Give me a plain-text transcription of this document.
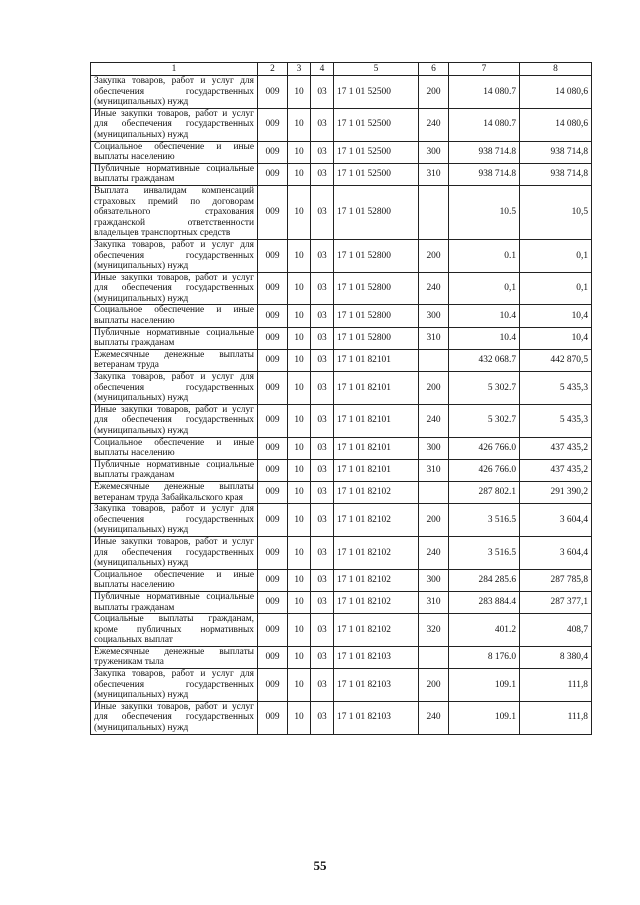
1	2	3	4	5	6	7	8
Закупка товаров, работ и услуг для обеспечения государственных (муниципальных) нужд	009	10	03	17 1 01 52500	200	14 080.7	14 080,6
Иные закупки товаров, работ и услуг для обеспечения государственных (муниципальных) нужд	009	10	03	17 1 01 52500	240	14 080.7	14 080,6
Социальное обеспечение и иные выплаты населению	009	10	03	17 1 01 52500	300	938 714.8	938 714,8
Публичные нормативные социальные выплаты гражданам	009	10	03	17 1 01 52500	310	938 714.8	938 714,8
Выплата инвалидам компенсаций страховых премий по договорам обязательного страхования гражданской ответственности владельцев транспортных средств	009	10	03	17 1 01 52800		10.5	10,5
Закупка товаров, работ и услуг для обеспечения государственных (муниципальных) нужд	009	10	03	17 1 01 52800	200	0.1	0,1
Иные закупки товаров, работ и услуг для обеспечения государственных (муниципальных) нужд	009	10	03	17 1 01 52800	240	0,1	0,1
Социальное обеспечение и иные выплаты населению	009	10	03	17 1 01 52800	300	10.4	10,4
Публичные нормативные социальные выплаты гражданам	009	10	03	17 1 01 52800	310	10.4	10,4
Ежемесячные денежные выплаты ветеранам труда	009	10	03	17 1 01 82101		432 068.7	442 870,5
Закупка товаров, работ и услуг для обеспечения государственных (муниципальных) нужд	009	10	03	17 1 01 82101	200	5 302.7	5 435,3
Иные закупки товаров, работ и услуг для обеспечения государственных (муниципальных) нужд	009	10	03	17 1 01 82101	240	5 302.7	5 435,3
Социальное обеспечение и иные выплаты населению	009	10	03	17 1 01 82101	300	426 766.0	437 435,2
Публичные нормативные социальные выплаты гражданам	009	10	03	17 1 01 82101	310	426 766.0	437 435,2
Ежемесячные денежные выплаты ветеранам труда Забайкальского края	009	10	03	17 1 01 82102		287 802.1	291 390,2
Закупка товаров, работ и услуг для обеспечения государственных (муниципальных) нужд	009	10	03	17 1 01 82102	200	3 516.5	3 604,4
Иные закупки товаров, работ и услуг для обеспечения государственных (муниципальных) нужд	009	10	03	17 1 01 82102	240	3 516.5	3 604,4
Социальное обеспечение и иные выплаты населению	009	10	03	17 1 01 82102	300	284 285.6	287 785,8
Публичные нормативные социальные выплаты гражданам	009	10	03	17 1 01 82102	310	283 884.4	287 377,1
Социальные выплаты гражданам, кроме публичных нормативных социальных выплат	009	10	03	17 1 01 82102	320	401.2	408,7
Ежемесячные денежные выплаты труженикам тыла	009	10	03	17 1 01 82103		8 176.0	8 380,4
Закупка товаров, работ и услуг для обеспечения государственных (муниципальных) нужд	009	10	03	17 1 01 82103	200	109.1	111,8
Иные закупки товаров, работ и услуг для обеспечения государственных (муниципальных) нужд	009	10	03	17 1 01 82103	240	109.1	111,8
55
